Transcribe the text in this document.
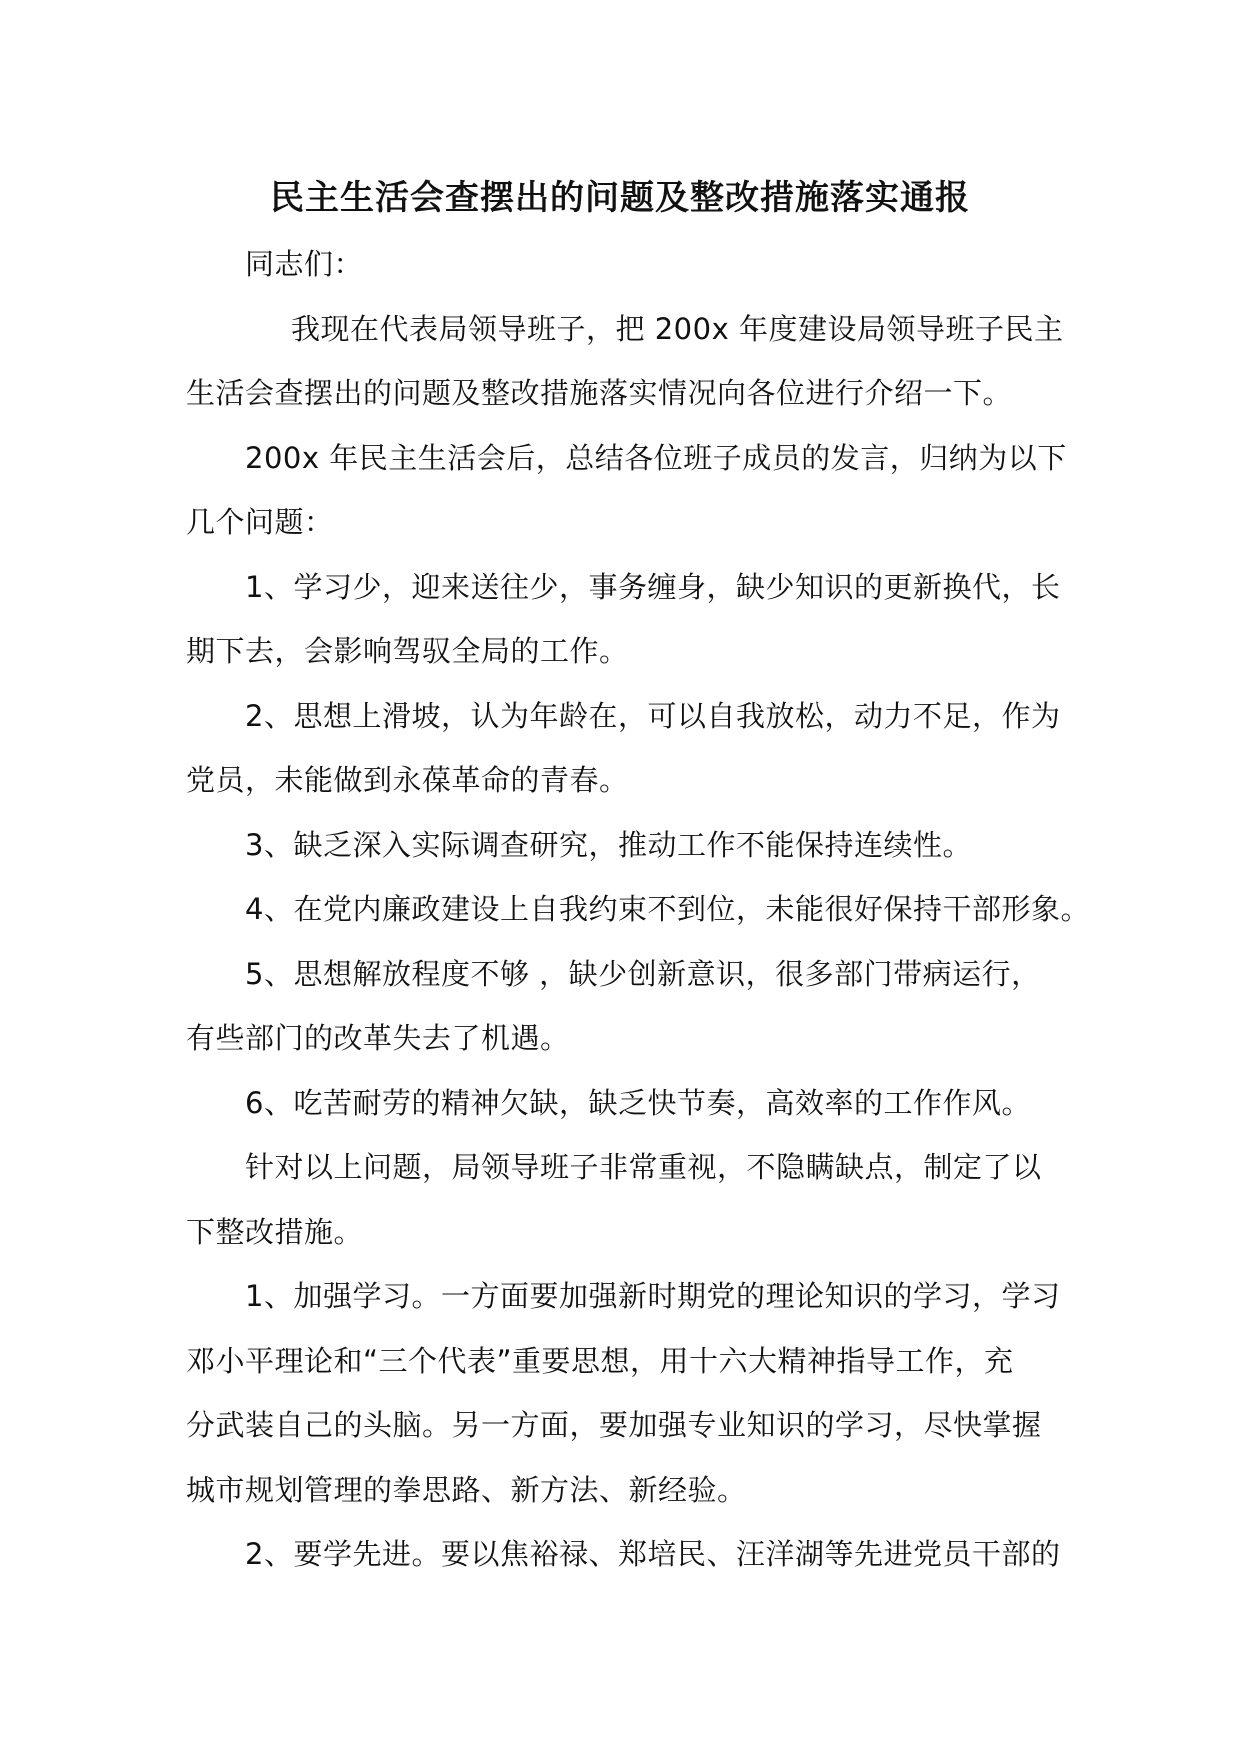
民主生活会查摆出的问题及整改措施落实通报
同志们：
我现在代表局领导班子，把 200x 年度建设局领导班子民主
生活会查摆出的问题及整改措施落实情况向各位进行介绍一下。
200x 年民主生活会后，总结各位班子成员的发言，归纳为以下
几个问题：
1、学习少，迎来送往少，事务缠身，缺少知识的更新换代，长
期下去，会影响驾驭全局的工作。
2、思想上滑坡，认为年龄在，可以自我放松，动力不足，作为
党员，未能做到永葆革命的青春。
3、缺乏深入实际调查研究，推动工作不能保持连续性。
4、在党内廉政建设上自我约束不到位，未能很好保持干部形象。
5、思想解放程度不够 ，缺少创新意识，很多部门带病运行，
有些部门的改革失去了机遇。
6、吃苦耐劳的精神欠缺，缺乏快节奏，高效率的工作作风。
针对以上问题，局领导班子非常重视，不隐瞒缺点，制定了以
下整改措施。
1、加强学习。一方面要加强新时期党的理论知识的学习，学习
邓小平理论和“三个代表”重要思想，用十六大精神指导工作，充
分武装自己的头脑。另一方面，要加强专业知识的学习，尽快掌握
城市规划管理的拳思路、新方法、新经验。
2、要学先进。要以焦裕禄、郑培民、汪洋湖等先进党员干部的
